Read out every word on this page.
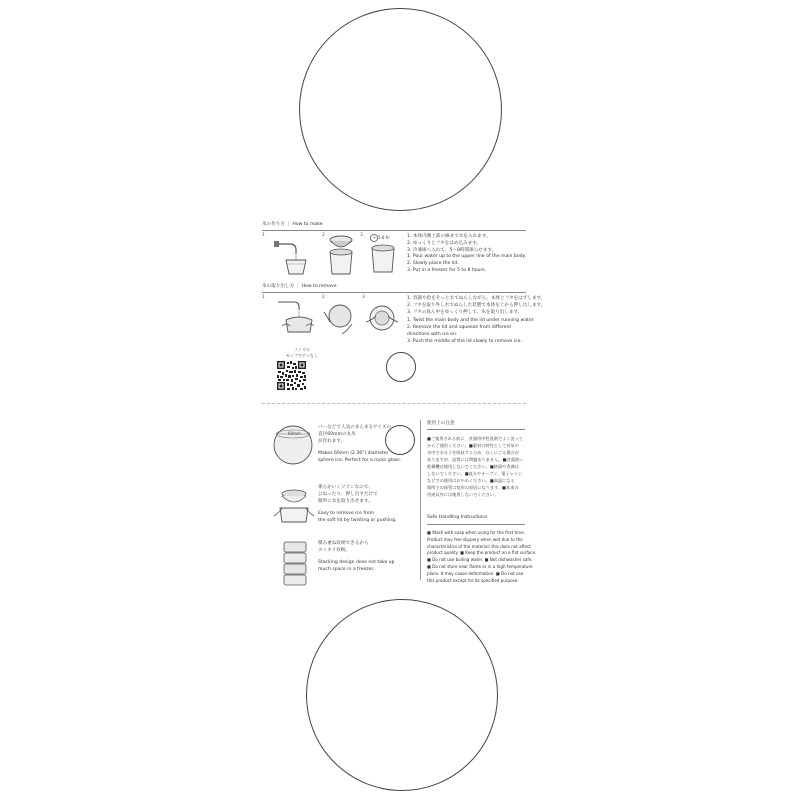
氷の作り方  |  How to make
1	2	3	5-8 hr	1. 本体内側上部の線まで水を入れます。
2. ゆっくりとフタをはめ込みます。
3. 冷凍庫へ入れて、5〜8時間凍らせます。
1. Pour water up to the upper line of the main body.
2. Slowly place the lid.
3. Put in a freezer for 5 to 8 hours.
氷の取り出し方  |  How to remove
1	2	3	1. 容器や指をそっと水でぬらしながら、本体とフタをはずします。
2. フタを取り外し水でぬらした状態で本体を上から押し出します。
3. フタの真ん中をゆっくり押して、氷を取り出します。
1. Twist the main body and the lid under running water.
2. Remove the lid and squeeze from different
directions with ice on.
3. Push the middle of the lid slowly to remove ice.
ノイズの
モップでゲンなし
60mm
バーなどで人気のまんまるサイズの
直径60mmの丸氷
が作れます。
Makes 60mm (2.36") diameter
sphere ice. Perfect for a rocks glass.
柔らかいシリコンなので、
ひねったり、押し出すだけで
簡単に氷を取り出せます。
Easy to remove ice from
the soft lid by twisting or pushing.
積み重ね収納できるから
スッキリ収納。
Stacking design does not take up
much space in a freezer.
使用上の注意
■ご使用される前に、食器用中性洗剤でよく洗って
からご使用ください。■素材の特性として外気や
水中で水分子を吸収するため、白くにごる場合が
ありますが、品質には問題ありません。■食器洗い
乾燥機は使用しないでください。■熱湯や煮沸は
しないでください。■直火やオーブン、電子レンジ
などでの使用はおやめください。■高温になる
場所での保管は変形の原因になります。■本来の
用途以外には使用しないでください。
Safe Handling Instructions
■ Wash with soap when using for the first time.
Product may feel slippery when wet due to the
characteristics of the material; this does not affect
product quality. ■ Keep the product on a flat surface.
■ Do not use boiling water. ■ Not dishwasher safe.
■ Do not store near flame or in a high temperature
place. It may cause deformation. ■ Do not use
this product except for its specified purpose.
